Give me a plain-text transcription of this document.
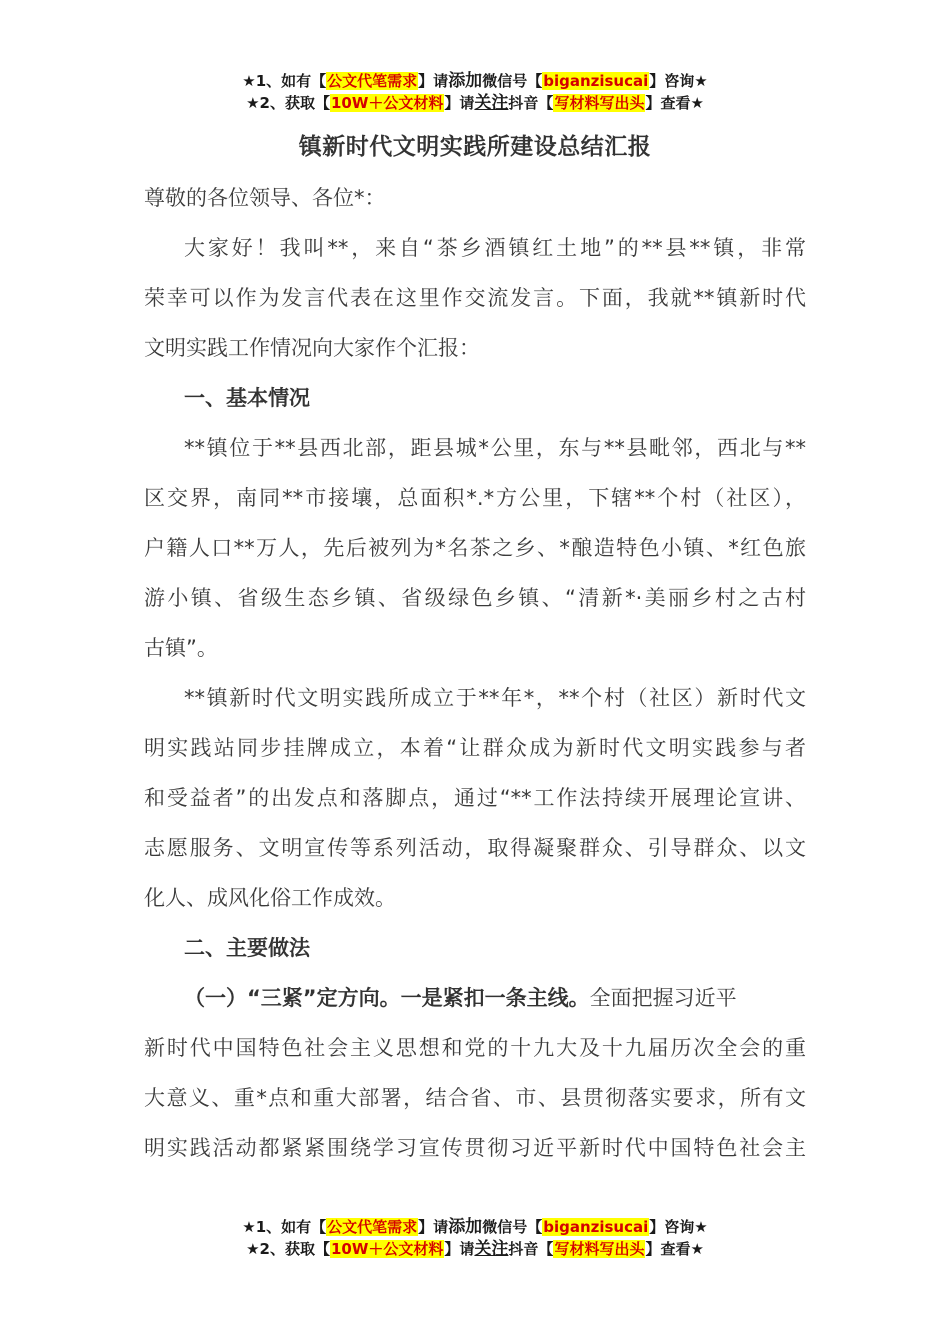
★1、如有【公文代笔需求】请添加微信号【biganzisucai】咨询★
★2、获取【10W＋公文材料】请关注抖音【写材料写出头】查看★
镇新时代文明实践所建设总结汇报
尊敬的各位领导、各位*：
大家好！我叫**，来自“茶乡酒镇红土地”的**县**镇，非常
荣幸可以作为发言代表在这里作交流发言。下面，我就**镇新时代
文明实践工作情况向大家作个汇报：
一、基本情况
**镇位于**县西北部，距县城*公里，东与**县毗邻，西北与**
区交界，南同**市接壤，总面积*.*方公里，下辖**个村（社区），
户籍人口**万人，先后被列为*名茶之乡、*酿造特色小镇、*红色旅
游小镇、省级生态乡镇、省级绿色乡镇、“清新*·美丽乡村之古村
古镇”。
**镇新时代文明实践所成立于**年*，**个村（社区）新时代文
明实践站同步挂牌成立，本着“让群众成为新时代文明实践参与者
和受益者”的出发点和落脚点，通过“**工作法持续开展理论宣讲、
志愿服务、文明宣传等系列活动，取得凝聚群众、引导群众、以文
化人、成风化俗工作成效。
二、主要做法
（一）“三紧”定方向。一是紧扣一条主线。全面把握习近平
新时代中国特色社会主义思想和党的十九大及十九届历次全会的重
大意义、重*点和重大部署，结合省、市、县贯彻落实要求，所有文
明实践活动都紧紧围绕学习宣传贯彻习近平新时代中国特色社会主
★1、如有【公文代笔需求】请添加微信号【biganzisucai】咨询★
★2、获取【10W＋公文材料】请关注抖音【写材料写出头】查看★
